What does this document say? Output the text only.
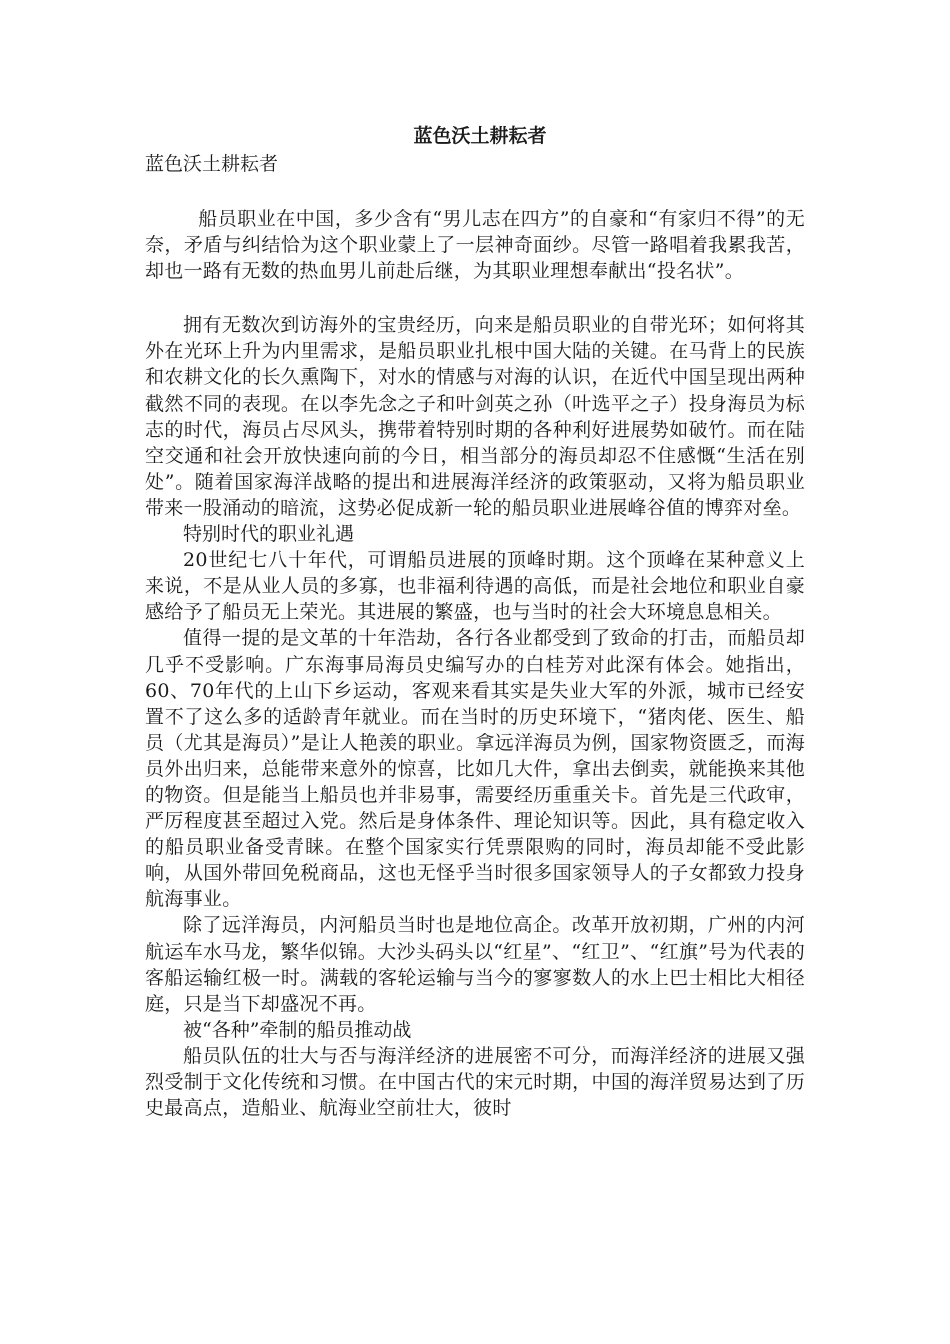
蓝色沃土耕耘者

蓝色沃土耕耘者

船员职业在中国，多少含有“男儿志在四方”的自豪和“有家归不得”的无奈，矛盾与纠结恰为这个职业蒙上了一层神奇面纱。尽管一路唱着我累我苦，却也一路有无数的热血男儿前赴后继，为其职业理想奉献出“投名状”。

拥有无数次到访海外的宝贵经历，向来是船员职业的自带光环；如何将其外在光环上升为内里需求，是船员职业扎根中国大陆的关键。在马背上的民族和农耕文化的长久熏陶下，对水的情感与对海的认识，在近代中国呈现出两种截然不同的表现。在以李先念之子和叶剑英之孙（叶选平之子）投身海员为标志的时代，海员占尽风头，携带着特别时期的各种利好进展势如破竹。而在陆空交通和社会开放快速向前的今日，相当部分的海员却忍不住感慨“生活在别处”。随着国家海洋战略的提出和进展海洋经济的政策驱动，又将为船员职业带来一股涌动的暗流，这势必促成新一轮的船员职业进展峰谷值的博弈对垒。

特别时代的职业礼遇

20世纪七八十年代，可谓船员进展的顶峰时期。这个顶峰在某种意义上来说，不是从业人员的多寡，也非福利待遇的高低，而是社会地位和职业自豪感给予了船员无上荣光。其进展的繁盛，也与当时的社会大环境息息相关。

值得一提的是文革的十年浩劫，各行各业都受到了致命的打击，而船员却几乎不受影响。广东海事局海员史编写办的白桂芳对此深有体会。她指出，60、70年代的上山下乡运动，客观来看其实是失业大军的外派，城市已经安置不了这么多的适龄青年就业。而在当时的历史环境下，“猪肉佬、医生、船员（尤其是海员）”是让人艳羡的职业。拿远洋海员为例，国家物资匮乏，而海员外出归来，总能带来意外的惊喜，比如几大件，拿出去倒卖，就能换来其他的物资。但是能当上船员也并非易事，需要经历重重关卡。首先是三代政审，严厉程度甚至超过入党。然后是身体条件、理论知识等。因此，具有稳定收入的船员职业备受青睐。在整个国家实行凭票限购的同时，海员却能不受此影响，从国外带回免税商品，这也无怪乎当时很多国家领导人的子女都致力投身航海事业。

除了远洋海员，内河船员当时也是地位高企。改革开放初期，广州的内河航运车水马龙，繁华似锦。大沙头码头以“红星”、“红卫”、“红旗”号为代表的客船运输红极一时。满载的客轮运输与当今的寥寥数人的水上巴士相比大相径庭，只是当下却盛况不再。

被“各种”牵制的船员推动战

船员队伍的壮大与否与海洋经济的进展密不可分，而海洋经济的进展又强烈受制于文化传统和习惯。在中国古代的宋元时期，中国的海洋贸易达到了历史最高点，造船业、航海业空前壮大，彼时
